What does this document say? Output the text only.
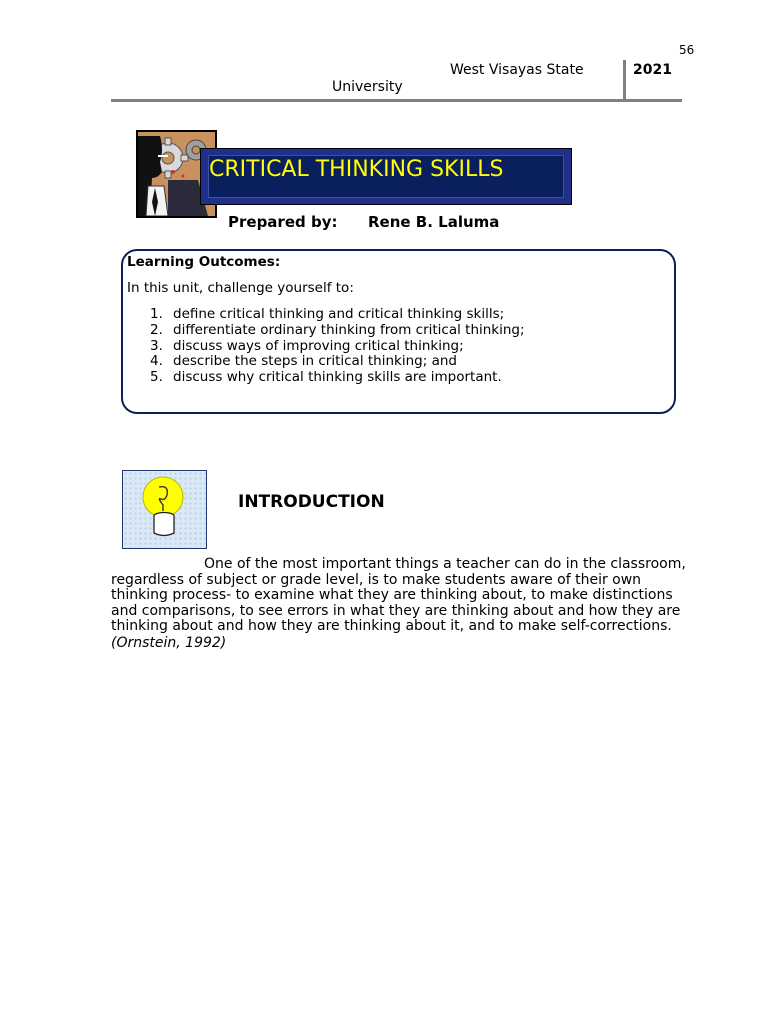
56
West Visayas State
University
2021
CRITICAL THINKING SKILLS
Prepared by: Rene B. Laluma
Learning Outcomes:
In this unit, challenge yourself to:
1. define critical thinking and critical thinking skills;
2. differentiate ordinary thinking from critical thinking;
3. discuss ways of improving critical thinking;
4. describe the steps in critical thinking; and
5. discuss why critical thinking skills are important.
INTRODUCTION

One of the most important things a teacher can do in the classroom, regardless of subject or grade level, is to make students aware of their own thinking process- to examine what they are thinking about, to make distinctions and comparisons, to see errors in what they are thinking about and how they are thinking about and how they are thinking about it, and to make self-corrections.

(Ornstein, 1992)
